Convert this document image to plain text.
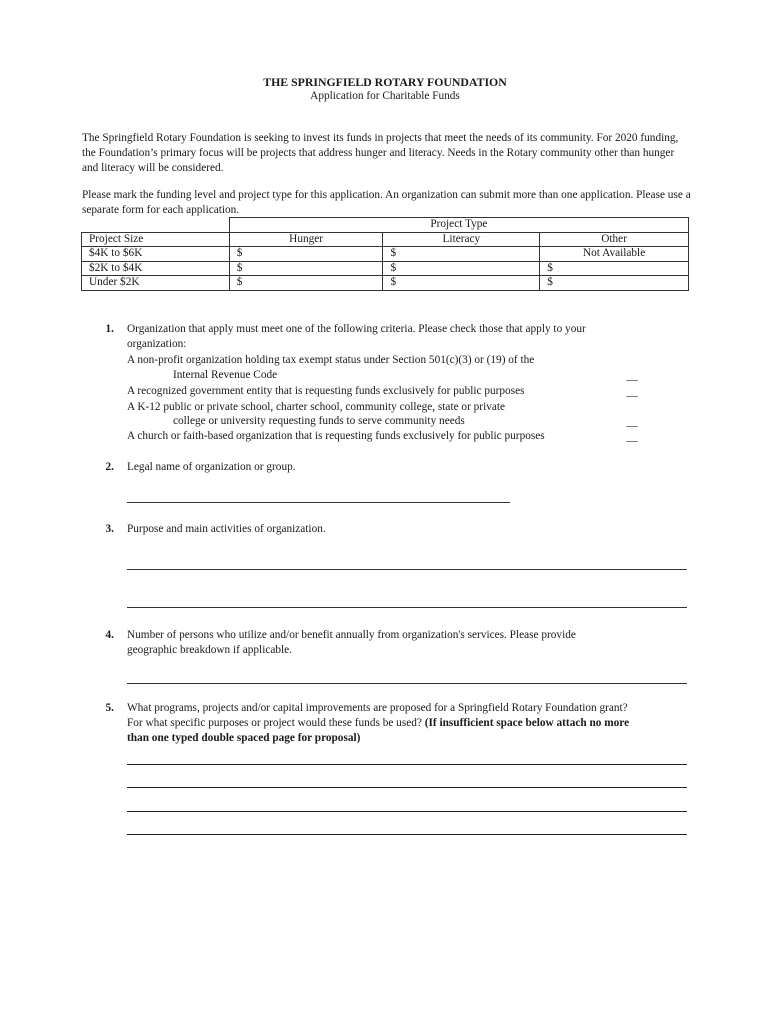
THE SPRINGFIELD ROTARY FOUNDATION
Application for Charitable Funds
The Springfield Rotary Foundation is seeking to invest its funds in projects that meet the needs of its community. For 2020 funding, the Foundation’s primary focus will be projects that address hunger and literacy. Needs in the Rotary community other than hunger and literacy will be considered.
Please mark the funding level and project type for this application. An organization can submit more than one application. Please use a separate form for each application.
	Project Type		
Project Size	Hunger	Literacy	Other
$4K to $6K	$	$	Not Available
$2K to $4K	$	$	$
Under $2K	$	$	$
1. Organization that apply must meet one of the following criteria. Please check those that apply to your
organization:
A non-profit organization holding tax exempt status under Section 501(c)(3) or (19) of the
Internal Revenue Code	__
A recognized government entity that is requesting funds exclusively for public purposes	__
A K-12 public or private school, charter school, community college, state or private
college or university requesting funds to serve community needs	__
A church or faith-based organization that is requesting funds exclusively for public purposes	__
2. Legal name of organization or group.
3. Purpose and main activities of organization.
4. Number of persons who utilize and/or benefit annually from organization's services. Please provide
geographic breakdown if applicable.
5. What programs, projects and/or capital improvements are proposed for a Springfield Rotary Foundation grant?
For what specific purposes or project would these funds be used? (If insufficient space below attach no more
than one typed double spaced page for proposal)
